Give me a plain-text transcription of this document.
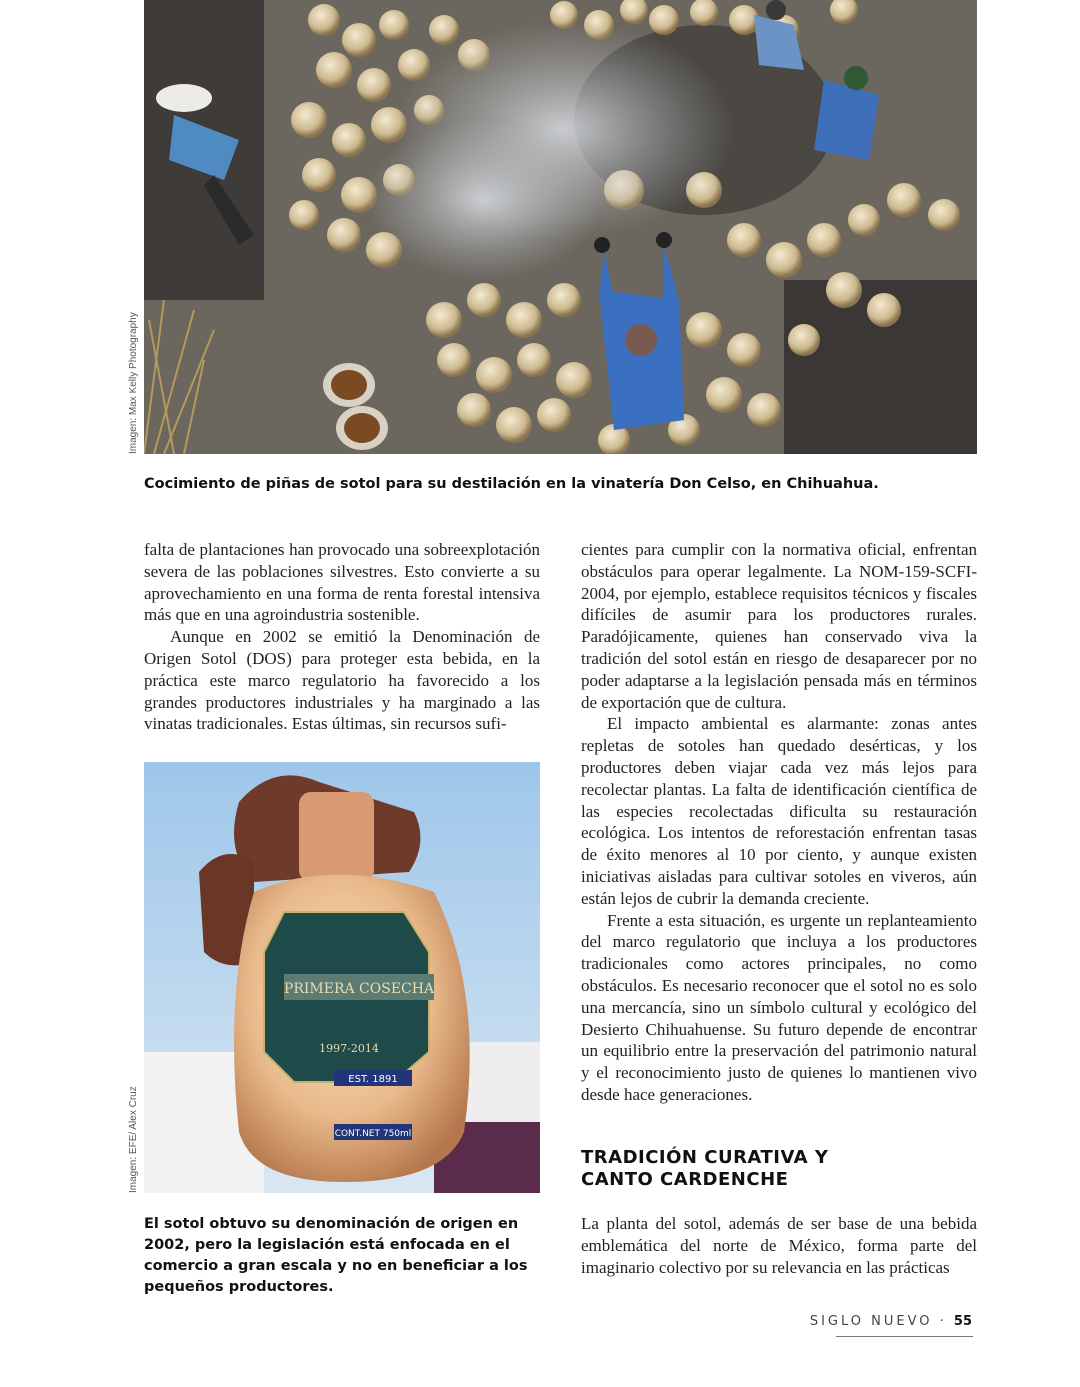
Imagen: Max Kelly Photography
Cocimiento de piñas de sotol para su destilación en la vinatería Don Celso, en Chihuahua.

falta de plantaciones han provocado una sobreexplotación severa de las poblaciones silvestres. Esto convierte a su aprovechamiento en una forma de renta forestal intensiva más que en una agroindustria sostenible.

Aunque en 2002 se emitió la Denominación de Origen Sotol (DOS) para proteger esta bebida, en la práctica este marco regulatorio ha favorecido a los grandes productores industriales y ha marginado a las vinatas tradicionales. Estas últimas, sin recursos sufi-

PRIMERA COSECHA
1997-2014
EST. 1891
CONT.NET 750ml
Imagen: EFE/ Alex Cruz
El sotol obtuvo su denominación de origen en 2002, pero la legislación está enfocada en el comercio a gran escala y no en beneficiar a los pequeños productores.

cientes para cumplir con la normativa oficial, enfrentan obstáculos para operar legalmente. La NOM-159-SCFI-2004, por ejemplo, establece requisitos técnicos y fiscales difíciles de asumir para los productores rurales. Paradójicamente, quienes han conservado viva la tradición del sotol están en riesgo de desaparecer por no poder adaptarse a la legislación pensada más en términos de exportación que de cultura.

El impacto ambiental es alarmante: zonas antes repletas de sotoles han quedado desérticas, y los productores deben viajar cada vez más lejos para recolectar plantas. La falta de identificación científica de las especies recolectadas dificulta su restauración ecológica. Los intentos de reforestación enfrentan tasas de éxito menores al 10 por ciento, y aunque existen iniciativas aisladas para cultivar sotoles en viveros, aún están lejos de cubrir la demanda creciente.

Frente a esta situación, es urgente un replanteamiento del marco regulatorio que incluya a los productores tradicionales como actores principales, no como obstáculos. Es necesario reconocer que el sotol no es solo una mercancía, sino un símbolo cultural y ecológico del Desierto Chihuahuense. Su futuro depende de encontrar un equilibrio entre la preservación del patrimonio natural y el reconocimiento justo de quienes lo mantienen vivo desde hace generaciones.

TRADICIÓN CURATIVA Y
CANTO CARDENCHE

La planta del sotol, además de ser base de una bebida emblemática del norte de México, forma parte del imaginario colectivo por su relevancia en las prácticas

SIGLO NUEVO · 55
